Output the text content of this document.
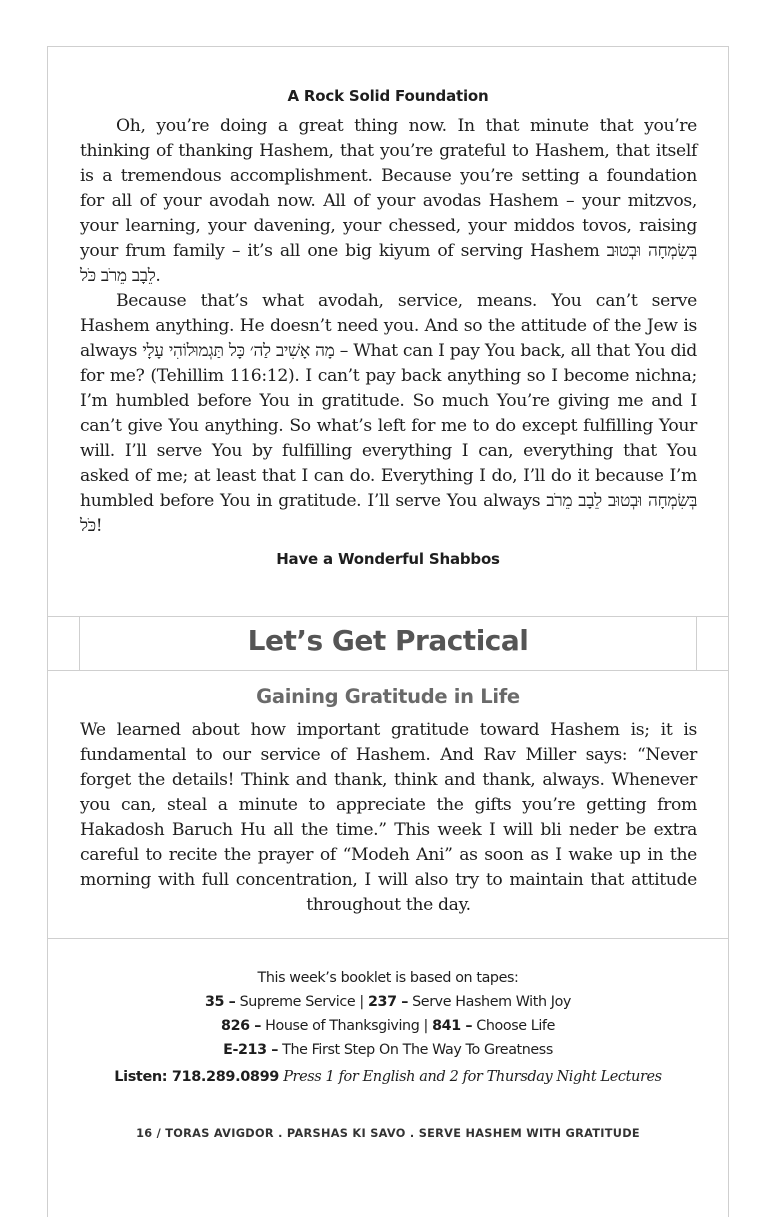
A Rock Solid Foundation

Oh, you’re doing a great thing now. In that minute that you’re thinking of thanking Hashem, that you’re grateful to Hashem, that itself is a tremendous accomplishment. Because you’re setting a foundation for all of your avodah now. All of your avodas Hashem – your mitzvos, your learning, your davening, your chessed, your middos tovos, raising your frum family – it’s all one big kiyum of serving Hashem בְּשִׂמְחָה וּבְטוּב לֵבָב מֵרֹב כֹּל.

Because that’s what avodah, service, means. You can’t serve Hashem anything. He doesn’t need you. And so the attitude of the Jew is always מָה אָשִׁיב לַה׳ כָּל תַּגְמוּלוֹהִי עָלָי – What can I pay You back, all that You did for me? (Tehillim 116:12). I can’t pay back anything so I become nichna; I’m humbled before You in gratitude. So much You’re giving me and I can’t give You anything. So what’s left for me to do except fulfilling Your will. I’ll serve You by fulfilling everything I can, everything that You asked of me; at least that I can do. Everything I do, I’ll do it because I’m humbled before You in gratitude. I’ll serve You always בְּשִׂמְחָה וּבְטוּב לֵבָב מֵרֹב כֹּל!

Have a Wonderful Shabbos
Let’s Get Practical
Gaining Gratitude in Life

We learned about how important gratitude toward Hashem is; it is fundamental to our service of Hashem. And Rav Miller says: “Never forget the details! Think and thank, think and thank, always. Whenever you can, steal a minute to appreciate the gifts you’re getting from Hakadosh Baruch Hu all the time.” This week I will bli neder be extra careful to recite the prayer of “Modeh Ani” as soon as I wake up in the morning with full concentration, I will also try to maintain that attitude throughout the day.

This week’s booklet is based on tapes:
35 – Supreme Service | 237 – Serve Hashem With Joy
826 – House of Thanksgiving | 841 – Choose Life
E-213 – The First Step On The Way To Greatness
Listen: 718.289.0899 Press 1 for English and 2 for Thursday Night Lectures
16 / TORAS AVIGDOR . PARSHAS KI SAVO . SERVE HASHEM WITH GRATITUDE
